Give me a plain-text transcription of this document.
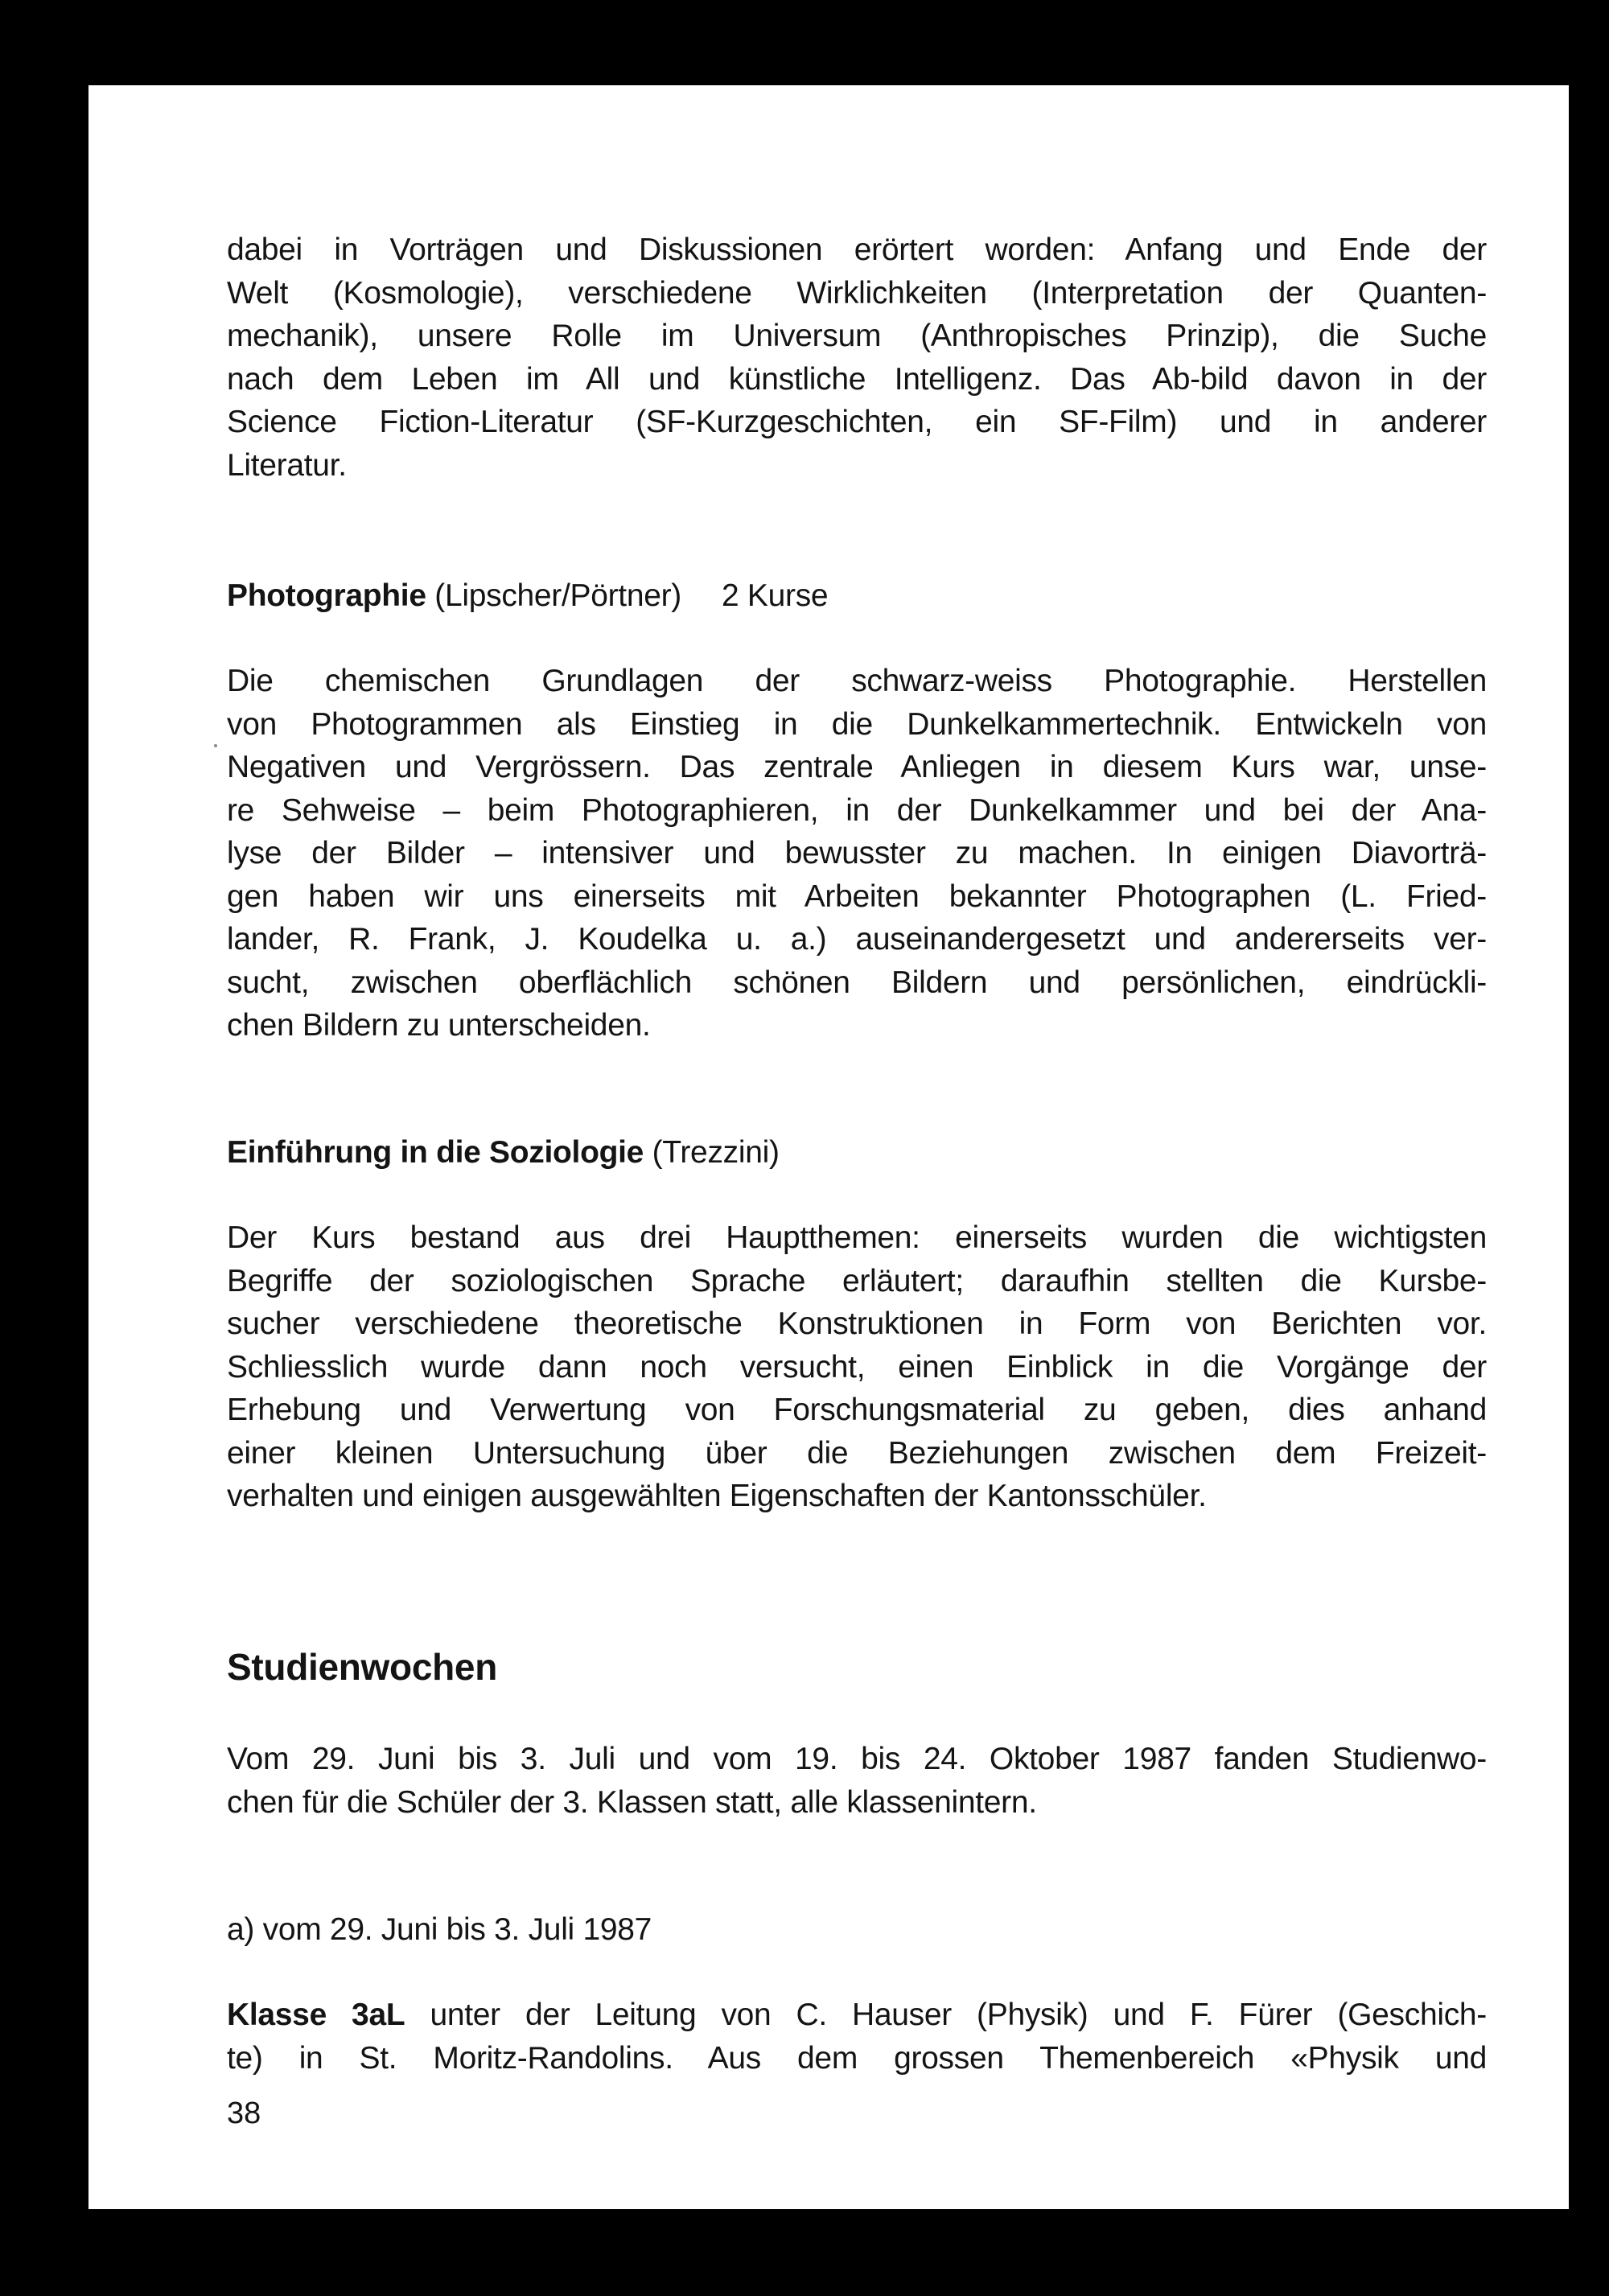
dabei in Vorträgen und Diskussionen erörtert worden: Anfang und Ende der
Welt (Kosmologie), verschiedene Wirklichkeiten (Interpretation der Quanten-
mechanik), unsere Rolle im Universum (Anthropisches Prinzip), die Suche
nach dem Leben im All und künstliche Intelligenz. Das Ab-bild davon in der
Science Fiction-Literatur (SF-Kurzgeschichten, ein SF-Film) und in anderer
Literatur.
Photographie (Lipscher/Pörtner) 2 Kurse
Die chemischen Grundlagen der schwarz-weiss Photographie. Herstellen
von Photogrammen als Einstieg in die Dunkelkammertechnik. Entwickeln von
Negativen und Vergrössern. Das zentrale Anliegen in diesem Kurs war, unse-
re Sehweise – beim Photographieren, in der Dunkelkammer und bei der Ana-
lyse der Bilder – intensiver und bewusster zu machen. In einigen Diavorträ-
gen haben wir uns einerseits mit Arbeiten bekannter Photographen (L. Fried-
lander, R. Frank, J. Koudelka u. a.) auseinandergesetzt und andererseits ver-
sucht, zwischen oberflächlich schönen Bildern und persönlichen, eindrückli-
chen Bildern zu unterscheiden.
Einführung in die Soziologie (Trezzini)
Der Kurs bestand aus drei Hauptthemen: einerseits wurden die wichtigsten
Begriffe der soziologischen Sprache erläutert; daraufhin stellten die Kursbe-
sucher verschiedene theoretische Konstruktionen in Form von Berichten vor.
Schliesslich wurde dann noch versucht, einen Einblick in die Vorgänge der
Erhebung und Verwertung von Forschungsmaterial zu geben, dies anhand
einer kleinen Untersuchung über die Beziehungen zwischen dem Freizeit-
verhalten und einigen ausgewählten Eigenschaften der Kantonsschüler.
Studienwochen
Vom 29. Juni bis 3. Juli und vom 19. bis 24. Oktober 1987 fanden Studienwo-
chen für die Schüler der 3. Klassen statt, alle klassenintern.
a) vom 29. Juni bis 3. Juli 1987
Klasse 3aL unter der Leitung von C. Hauser (Physik) und F. Fürer (Geschich-
te) in St. Moritz-Randolins. Aus dem grossen Themenbereich «Physik und
38
